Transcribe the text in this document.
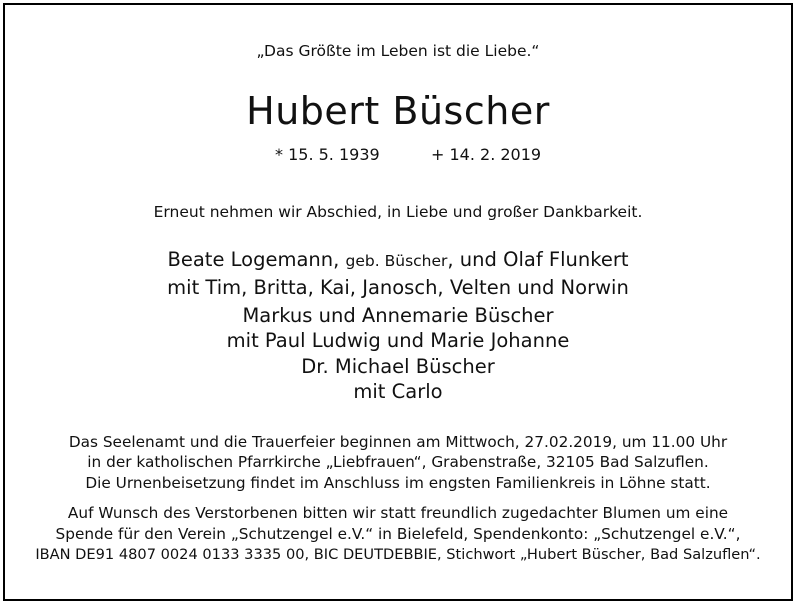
„Das Größte im Leben ist die Liebe.“
Hubert Büscher
* 15. 5. 1939	+ 14. 2. 2019
Erneut nehmen wir Abschied, in Liebe und großer Dankbarkeit.
Beate Logemann, geb. Büscher, und Olaf Flunkert
mit Tim, Britta, Kai, Janosch, Velten und Norwin
Markus und Annemarie Büscher
mit Paul Ludwig und Marie Johanne
Dr. Michael Büscher
mit Carlo
Das Seelenamt und die Trauerfeier beginnen am Mittwoch, 27.02.2019, um 11.00 Uhr
in der katholischen Pfarrkirche „Liebfrauen“, Grabenstraße, 32105 Bad Salzuflen.
Die Urnenbeisetzung findet im Anschluss im engsten Familienkreis in Löhne statt.
Auf Wunsch des Verstorbenen bitten wir statt freundlich zugedachter Blumen um eine
Spende für den Verein „Schutzengel e.V.“ in Bielefeld, Spendenkonto: „Schutzengel e.V.“,
IBAN DE91 4807 0024 0133 3335 00, BIC DEUTDEBBIE, Stichwort „Hubert Büscher, Bad Salzuflen“.
